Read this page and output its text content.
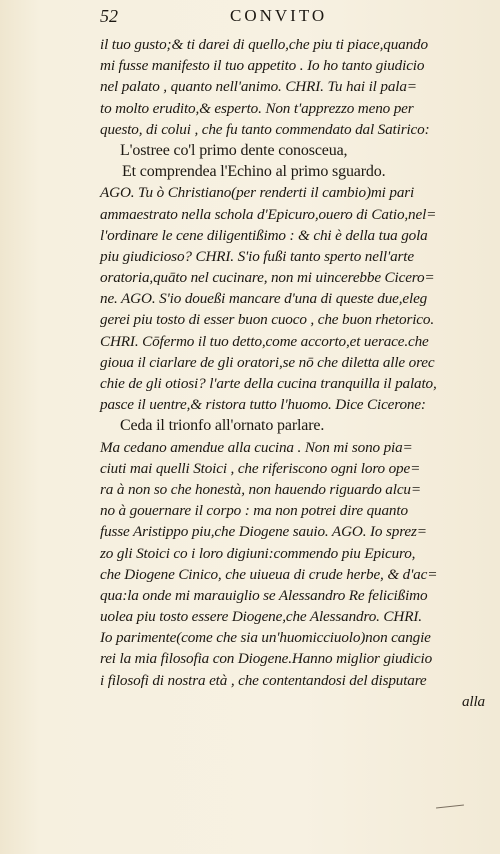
52	CONVITO
il tuo gusto;& ti darei di quello,che piu ti piace,quando
mi fusse manifesto il tuo appetito . Io ho tanto giudicio
nel palato , quanto nell'animo. CHRI. Tu hai il pala=
to molto erudito,& esperto. Non t'apprezzo meno per
questo, di colui , che fu tanto commendato dal Satirico:
L'ostree co'l primo dente conosceua,
Et comprendea l'Echino al primo sguardo.
AGO. Tu ò Christiano(per renderti il cambio)mi pari
ammaestrato nella schola d'Epicuro,ouero di Catio,nel=
l'ordinare le cene diligentißimo : & chi è della tua gola
piu giudicioso? CHRI. S'io fußi tanto sperto nell'arte
oratoria,quāto nel cucinare, non mi uincerebbe Cicero=
ne. AGO. S'io doueßi mancare d'una di queste due,eleg
gerei piu tosto di esser buon cuoco , che buon rhetorico.
CHRI. Cōfermo il tuo detto,come accorto,et uerace.che
gioua il ciarlare de gli oratori,se nō che diletta alle orec
chie de gli otiosi? l'arte della cucina tranquilla il palato,
pasce il uentre,& ristora tutto l'huomo. Dice Cicerone:
Ceda il trionfo all'ornato parlare.
Ma cedano amendue alla cucina . Non mi sono pia=
ciuti mai quelli Stoici , che riferiscono ogni loro ope=
ra à non so che honestà, non hauendo riguardo alcu=
no à gouernare il corpo : ma non potrei dire quanto
fusse Aristippo piu,che Diogene sauio. AGO. Io sprez=
zo gli Stoici co i loro digiuni:commendo piu Epicuro,
che Diogene Cinico, che uiueua di crude herbe, & d'ac=
qua:la onde mi marauiglio se Alessandro Re felicißimo
uolea piu tosto essere Diogene,che Alessandro. CHRI.
Io parimente(come che sia un'huomicciuolo)non cangie
rei la mia filosofia con Diogene.Hanno miglior giudicio
i filosofi di nostra età , che contentandosi del disputare
alla
